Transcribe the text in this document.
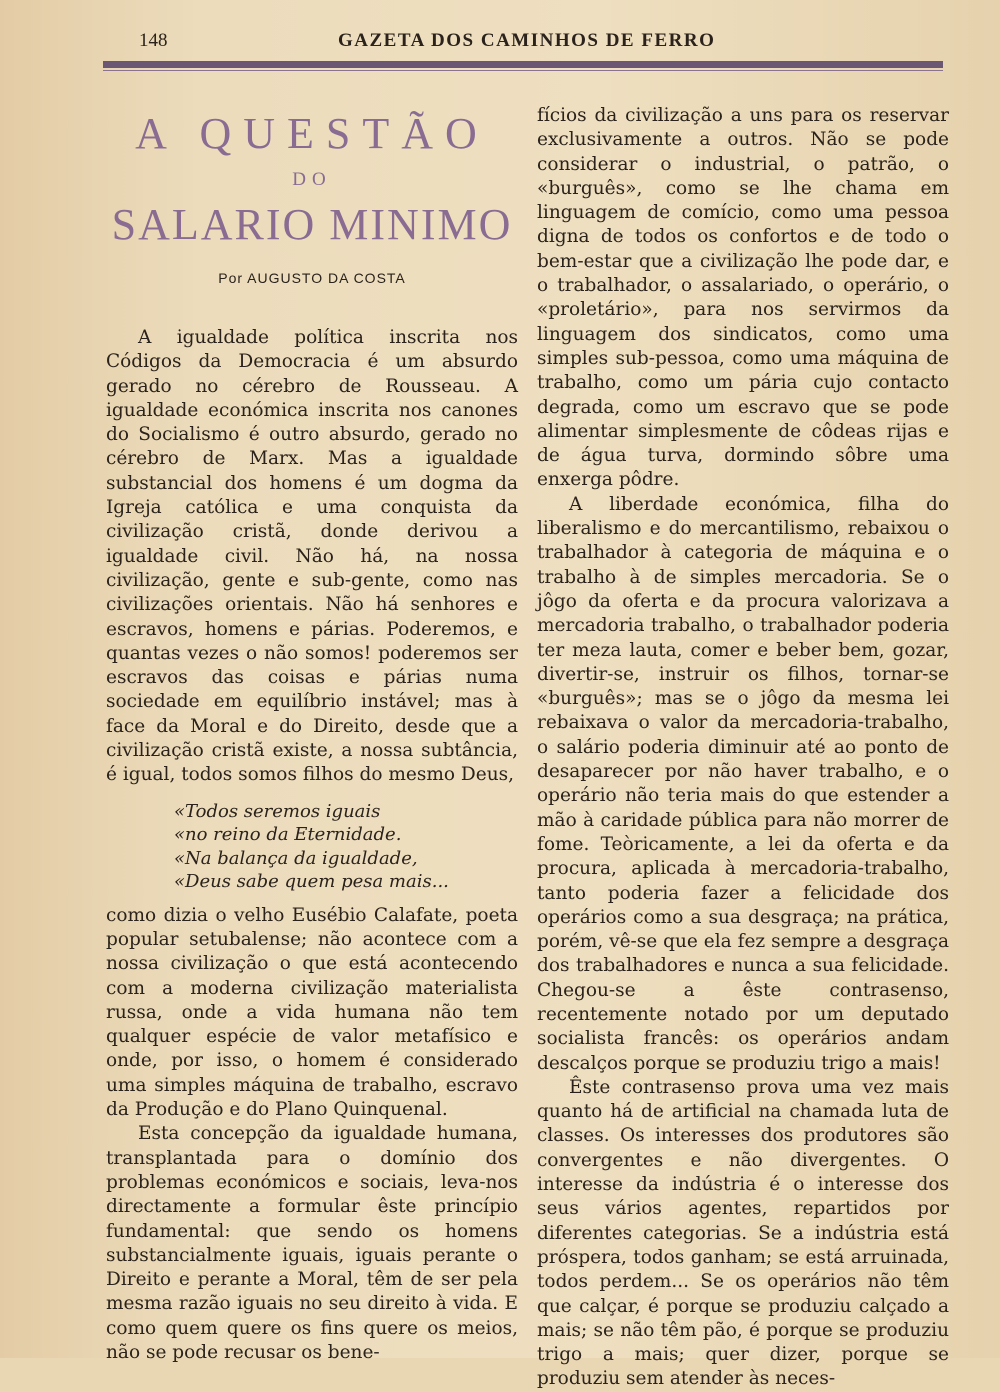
148	GAZETA DOS CAMINHOS DE FERRO
A QUESTÃO
DO
SALARIO MINIMO
Por AUGUSTO DA COSTA

A igualdade política inscrita nos Códigos da Democracia é um absurdo gerado no cérebro de Rousseau. A igualdade económica inscrita nos canones do Socialismo é outro absurdo, gerado no cérebro de Marx. Mas a igualdade substancial dos homens é um dogma da Igreja católica e uma conquista da civilização cristã, donde derivou a igualdade civil. Não há, na nossa civilização, gente e sub-gente, como nas civilizações orientais. Não há senhores e escravos, homens e párias. Poderemos, e quantas vezes o não somos! poderemos ser escravos das coisas e párias numa sociedade em equilíbrio instável; mas à face da Moral e do Direito, desde que a civilização cristã existe, a nossa subtância, é igual, todos somos filhos do mesmo Deus,

«Todos seremos iguais
«no reino da Eternidade.
«Na balança da igualdade,
«Deus sabe quem pesa mais...

como dizia o velho Eusébio Calafate, poeta popular setubalense; não acontece com a nossa civilização o que está acontecendo com a moderna civilização materialista russa, onde a vida humana não tem qualquer espécie de valor metafísico e onde, por isso, o homem é considerado uma simples máquina de trabalho, escravo da Produção e do Plano Quinquenal.

Esta concepção da igualdade humana, transplantada para o domínio dos problemas económicos e sociais, leva-nos directamente a formular êste princípio fundamental: que sendo os homens substancialmente iguais, iguais perante o Direito e perante a Moral, têm de ser pela mesma razão iguais no seu direito à vida. E como quem quere os fins quere os meios, não se pode recusar os bene-

fícios da civilização a uns para os reservar exclusivamente a outros. Não se pode considerar o industrial, o patrão, o «burguês», como se lhe chama em linguagem de comício, como uma pessoa digna de todos os confortos e de todo o bem-estar que a civilização lhe pode dar, e o trabalhador, o assalariado, o operário, o «proletário», para nos servirmos da linguagem dos sindicatos, como uma simples sub-pessoa, como uma máquina de trabalho, como um pária cujo contacto degrada, como um escravo que se pode alimentar simplesmente de côdeas rijas e de água turva, dormindo sôbre uma enxerga pôdre.

A liberdade económica, filha do liberalismo e do mercantilismo, rebaixou o trabalhador à categoria de máquina e o trabalho à de simples mercadoria. Se o jôgo da oferta e da procura valorizava a mercadoria trabalho, o trabalhador poderia ter meza lauta, comer e beber bem, gozar, divertir-se, instruir os filhos, tornar-se «burguês»; mas se o jôgo da mesma lei rebaixava o valor da mercadoria-trabalho, o salário poderia diminuir até ao ponto de desaparecer por não haver trabalho, e o operário não teria mais do que estender a mão à caridade pública para não morrer de fome. Teòricamente, a lei da oferta e da procura, aplicada à mercadoria-trabalho, tanto poderia fazer a felicidade dos operários como a sua desgraça; na prática, porém, vê-se que ela fez sempre a desgraça dos trabalhadores e nunca a sua felicidade. Chegou-se a êste contrasenso, recentemente notado por um deputado socialista francês: os operários andam descalços porque se produziu trigo a mais!

Êste contrasenso prova uma vez mais quanto há de artificial na chamada luta de classes. Os interesses dos produtores são convergentes e não divergentes. O interesse da indústria é o interesse dos seus vários agentes, repartidos por diferentes categorias. Se a indústria está próspera, todos ganham; se está arruinada, todos perdem... Se os operários não têm que calçar, é porque se produziu calçado a mais; se não têm pão, é porque se produziu trigo a mais; quer dizer, porque se produziu sem atender às neces-
